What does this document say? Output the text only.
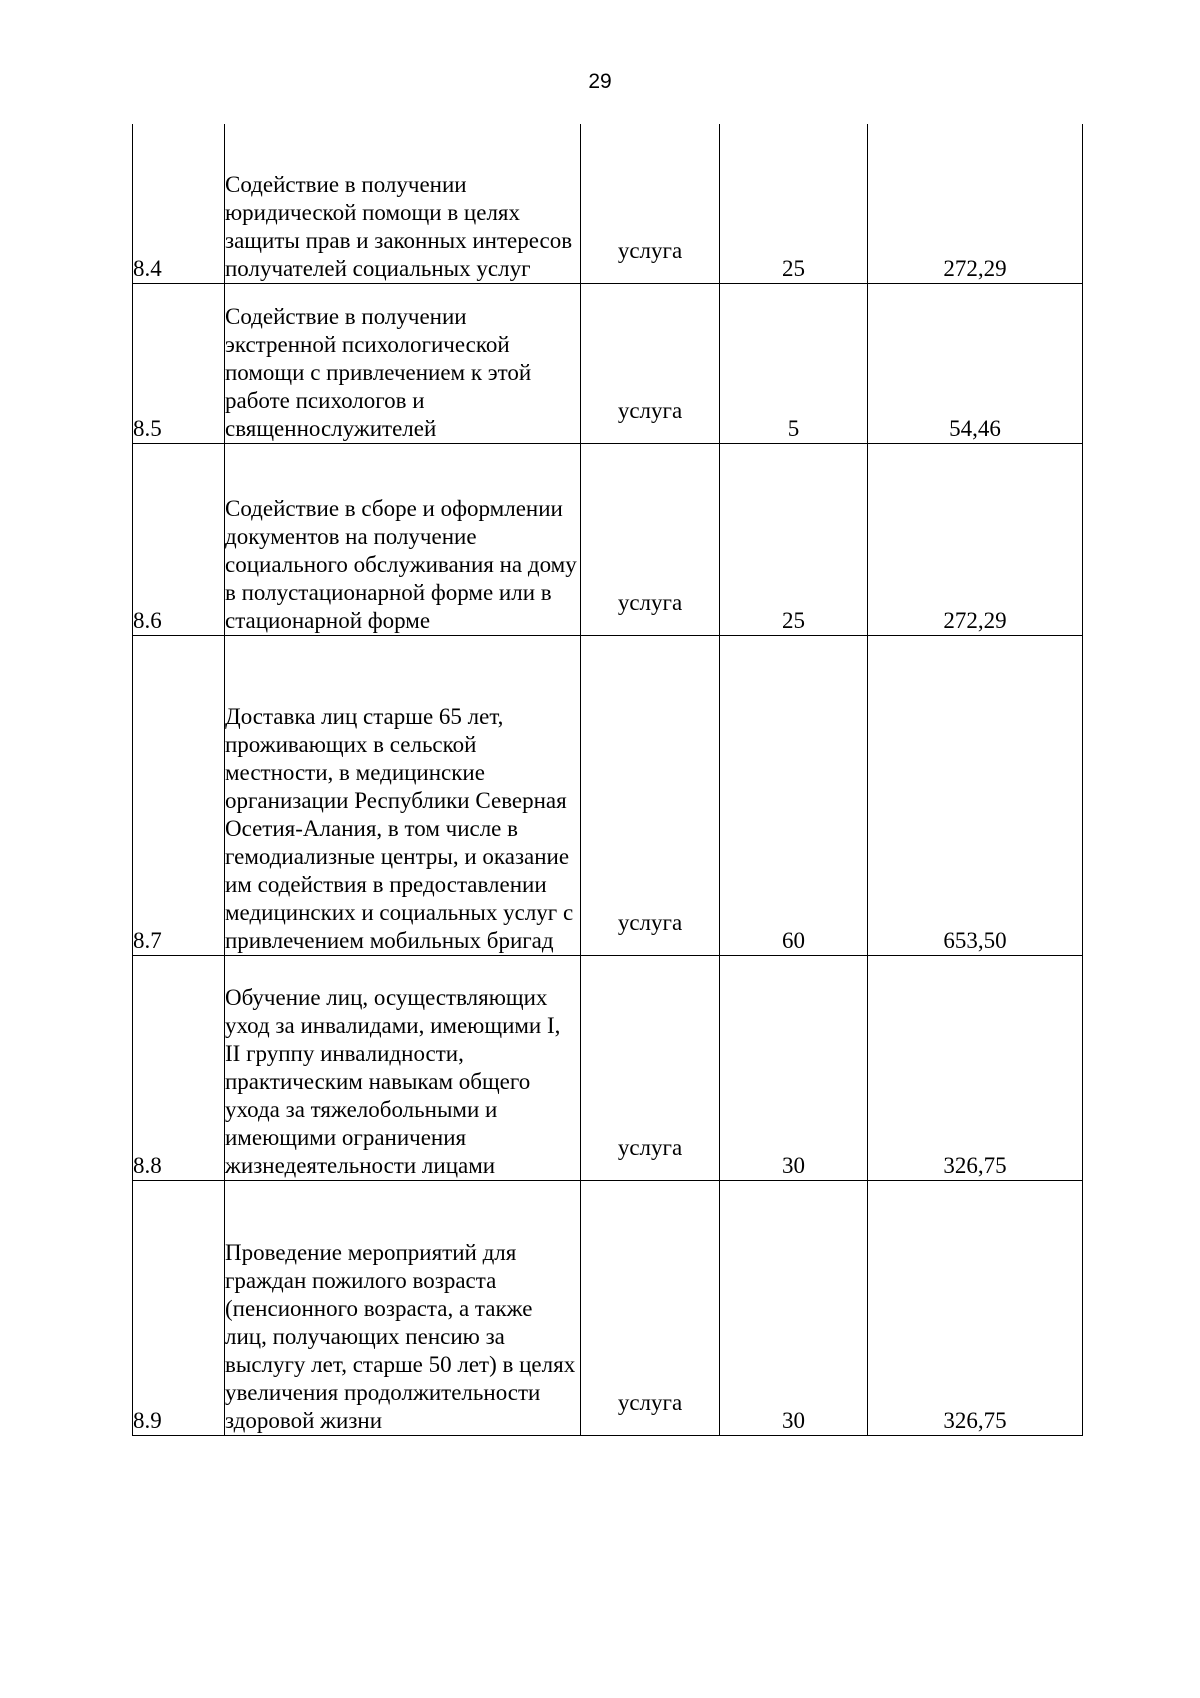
29
8.4	Содействие в получении юридической помощи в целях защиты прав и законных интересов получателей социальных услуг	услуга	25	272,29
8.5	Содействие в получении экстренной психологической помощи с привлечением к этой работе психологов и священнослужителей	услуга	5	54,46
8.6	Содействие в сборе и оформлении документов на получение социального обслуживания на дому в полустационарной форме или в стационарной форме	услуга	25	272,29
8.7	Доставка лиц старше 65 лет, проживающих в сельской местности, в медицинские организации Республики Северная Осетия-Алания, в том числе в гемодиализные центры, и оказание им содействия в предоставлении медицинских и социальных услуг с привлечением мобильных бригад	услуга	60	653,50
8.8	Обучение лиц, осуществляющих уход за инвалидами, имеющими I, II группу инвалидности, практическим навыкам общего ухода за тяжелобольными и имеющими ограничения жизнедеятельности лицами	услуга	30	326,75
8.9	Проведение мероприятий для граждан пожилого возраста (пенсионного возраста, а также лиц, получающих пенсию за выслугу лет, старше 50 лет) в целях увеличения продолжительности здоровой жизни	услуга	30	326,75
